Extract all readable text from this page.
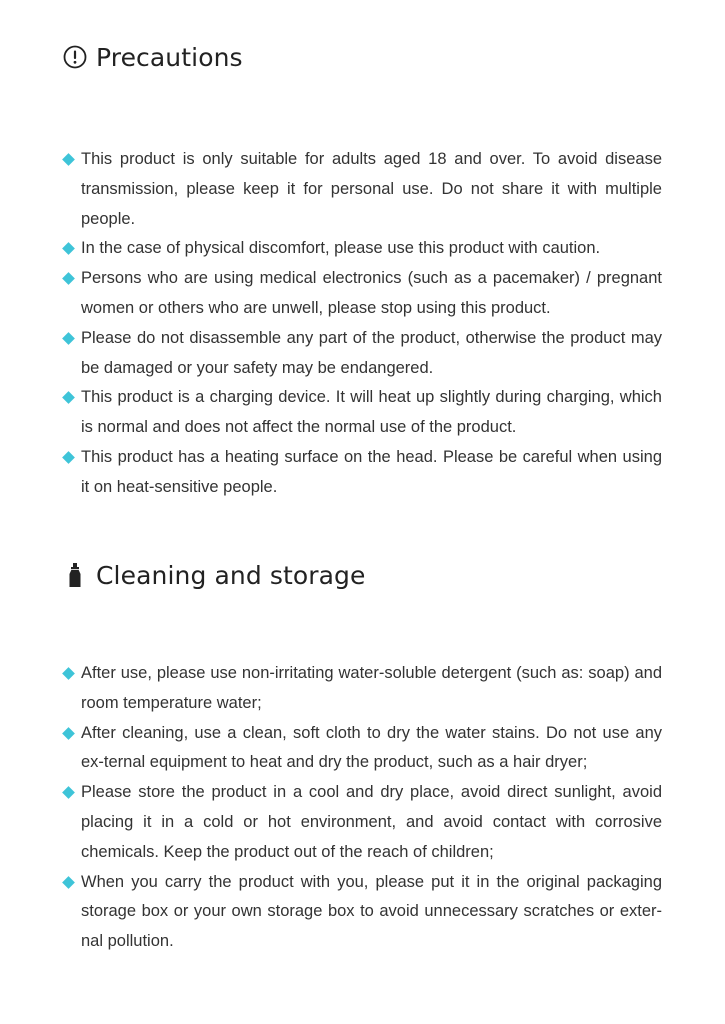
Precautions
This product is only suitable for adults aged 18 and over. To avoid disease transmission, please keep it for personal use. Do not share it with multiple people.
In the case of physical discomfort, please use this product with caution.
Persons who are using medical electronics (such as a pacemaker) / pregnant women or others who are unwell, please stop using this product.
Please do not disassemble any part of the product, otherwise the product may be damaged or your safety may be endangered.
This product is a charging device. It will heat up slightly during charging, which is normal and does not affect the normal use of the product.
This product has a heating surface on the head. Please be careful when using it on heat-sensitive people.
Cleaning and storage
After use, please use non-irritating water-soluble detergent (such as: soap) and room temperature water;
After cleaning, use a clean, soft cloth to dry the water stains. Do not use any ex-ternal equipment to heat and dry the product, such as a hair dryer;
Please store the product in a cool and dry place, avoid direct sunlight, avoid placing it in a cold or hot environment, and avoid contact with corrosive chemicals. Keep the product out of the reach of children;
When you carry the product with you, please put it in the original packaging storage box or your own storage box to avoid unnecessary scratches or exter-nal pollution.
